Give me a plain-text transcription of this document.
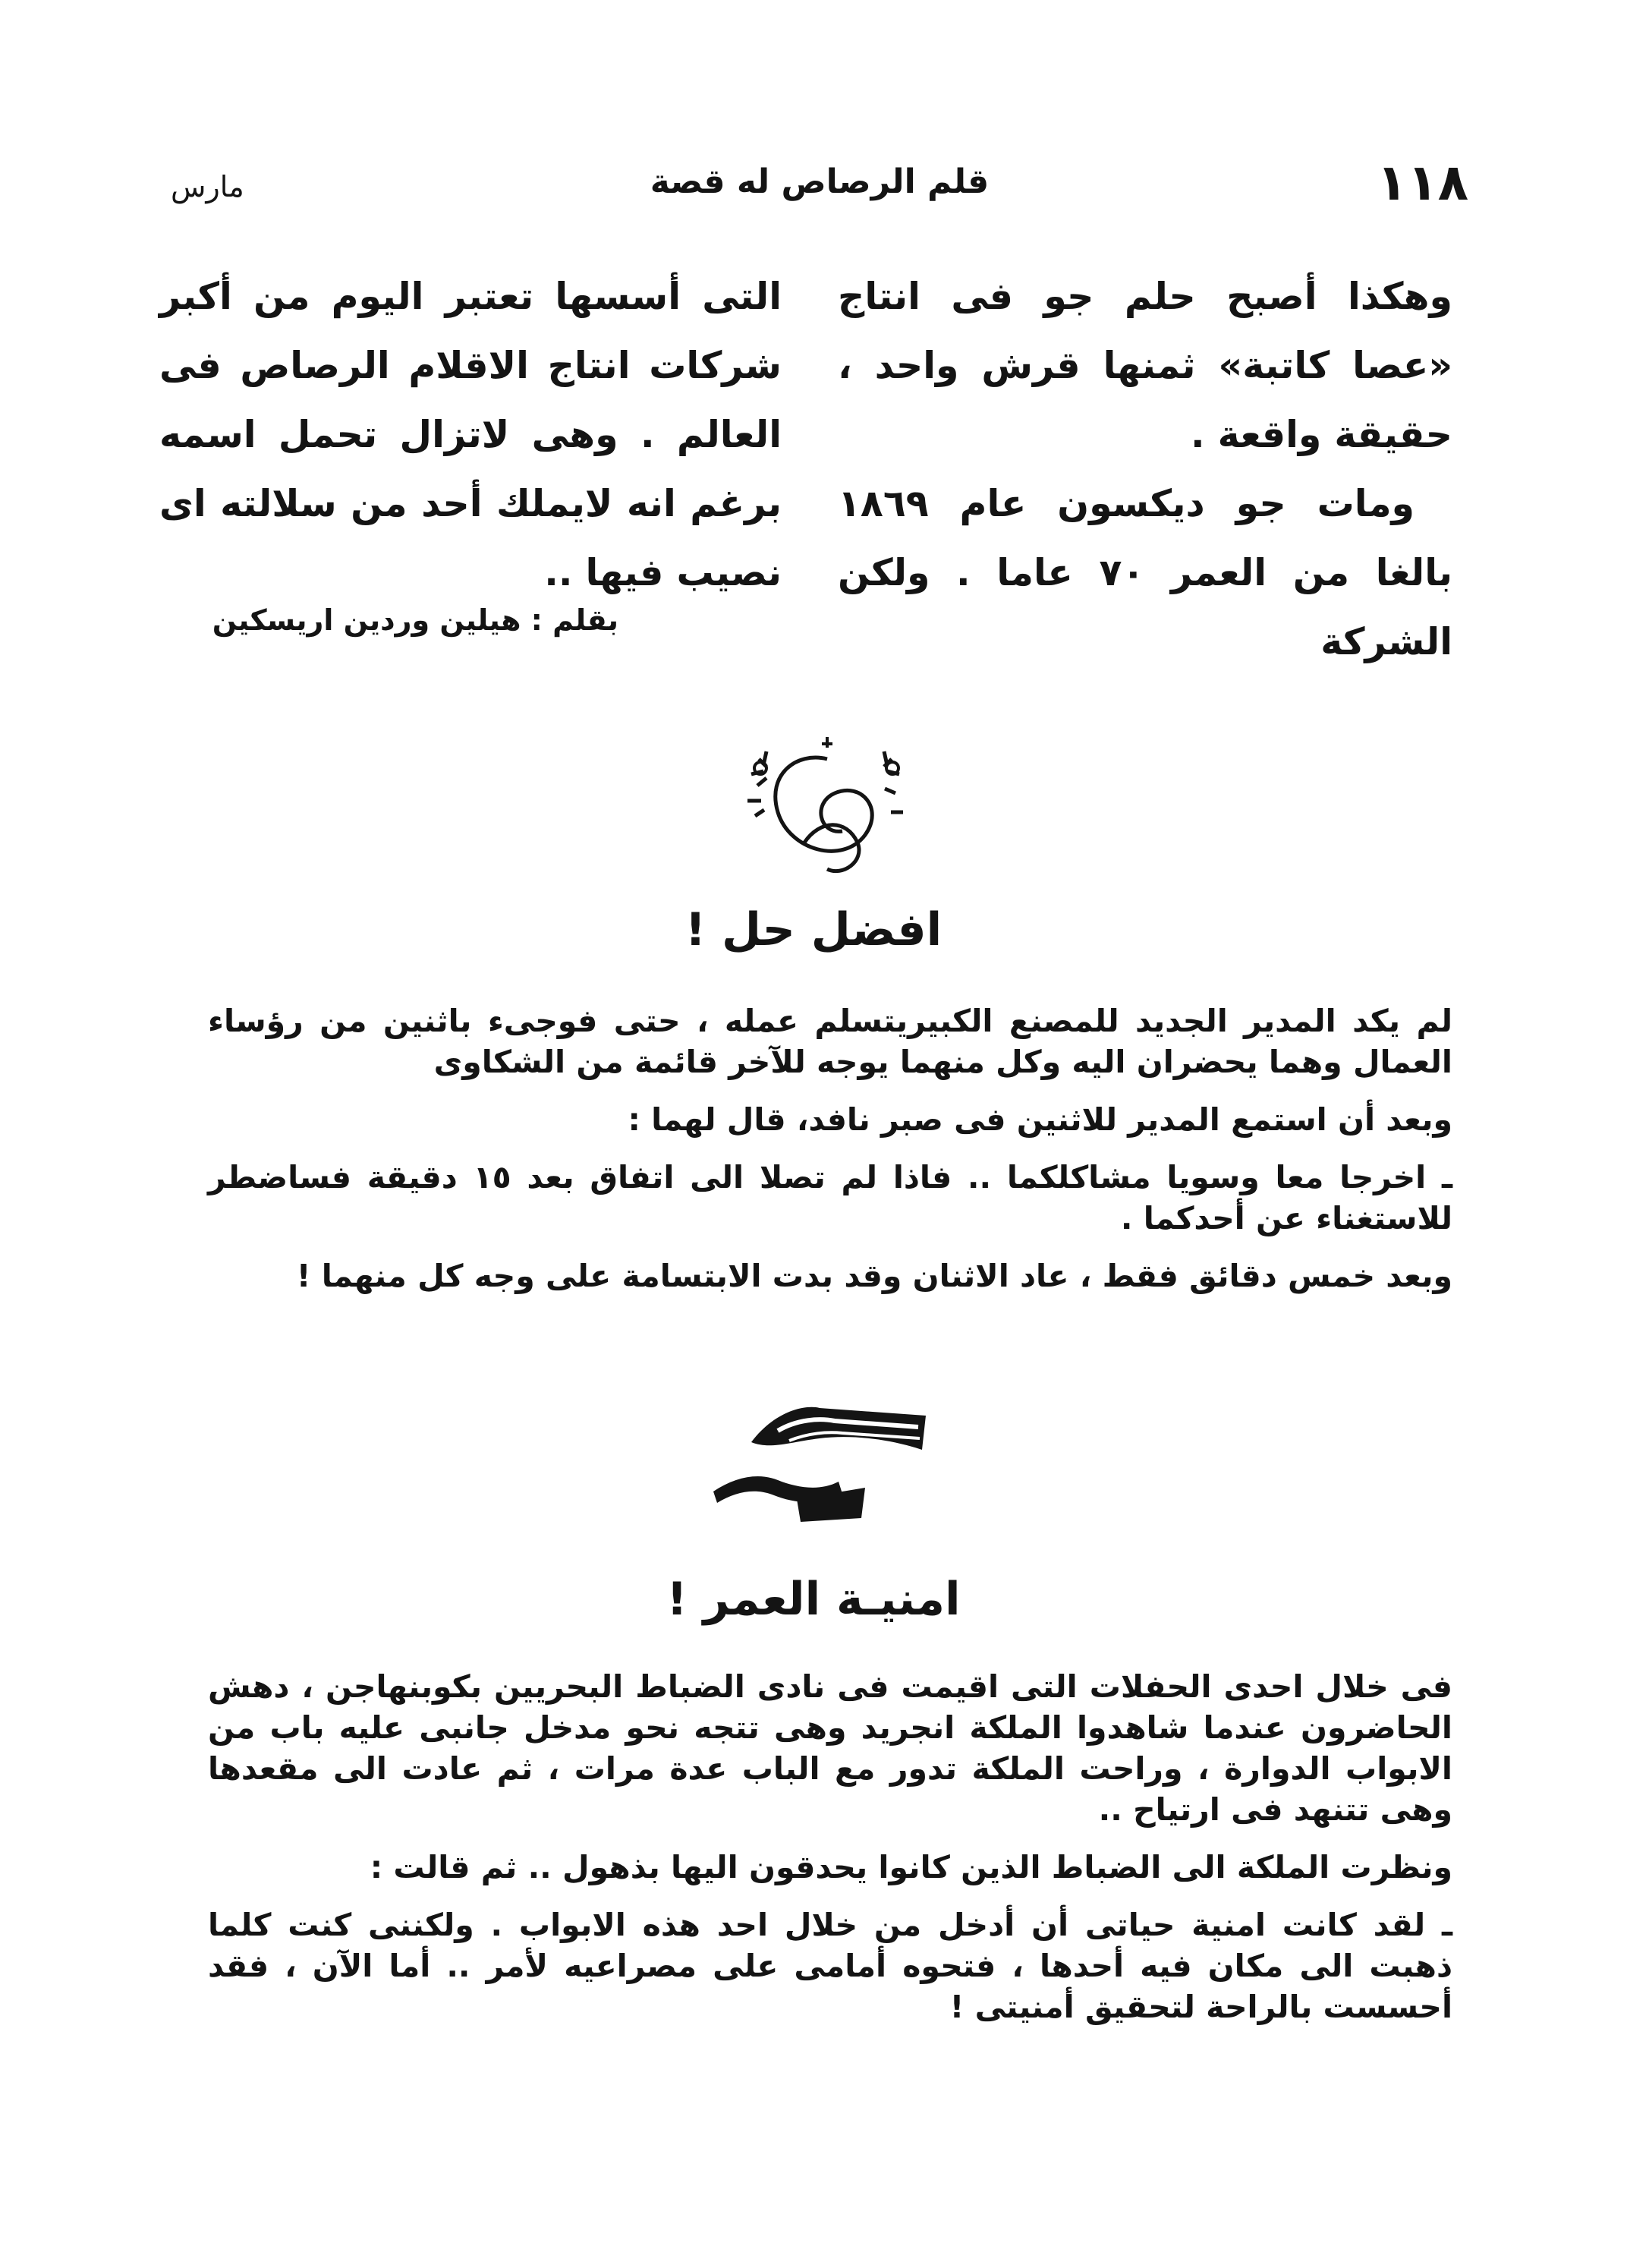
١١٨
قلم الرصاص له قصة
مارس

وهكذا أصبح حلم جو فى انتاج «عصا كاتبة» ثمنها قرش واحد ، حقيقة واقعة .

ومات جو ديكسون عام ١٨٦٩ بالغا من العمر ٧٠ عاما . ولكن الشركة

التى أسسها تعتبر اليوم من أكبر شركات انتاج الاقلام الرصاص فى العالم . وهى لاتزال تحمل اسمه برغم انه لايملك أحد من سلالته اى نصيب فيها ..

بقلم : هيلين وردين اريسكين
افضل حل !

لم يكد المدير الجديد للمصنع الكبيريتسلم عمله ، حتى فوجىء باثنين من رؤساء العمال وهما يحضران اليه وكل منهما يوجه للآخر قائمة من الشكاوى

وبعد أن استمع المدير للاثنين فى صبر نافد، قال لهما :

ـ اخرجا معا وسويا مشاكلكما .. فاذا لم تصلا الى اتفاق بعد ١٥ دقيقة فساضطر للاستغناء عن أحدكما .

وبعد خمس دقائق فقط ، عاد الاثنان وقد بدت الابتسامة على وجه كل منهما !

امنيـة العمر !

فى خلال احدى الحفلات التى اقيمت فى نادى الضباط البحريين بكوبنهاجن ، دهش الحاضرون عندما شاهدوا الملكة انجريد وهى تتجه نحو مدخل جانبى عليه باب من الابواب الدوارة ، وراحت الملكة تدور مع الباب عدة مرات ، ثم عادت الى مقعدها وهى تتنهد فى ارتياح ..

ونظرت الملكة الى الضباط الذين كانوا يحدقون اليها بذهول .. ثم قالت :

ـ لقد كانت امنية حياتى أن أدخل من خلال احد هذه الابواب . ولكننى كنت كلما ذهبت الى مكان فيه أحدها ، فتحوه أمامى على مصراعيه لأمر .. أما الآن ، فقد أحسست بالراحة لتحقيق أمنيتى !
